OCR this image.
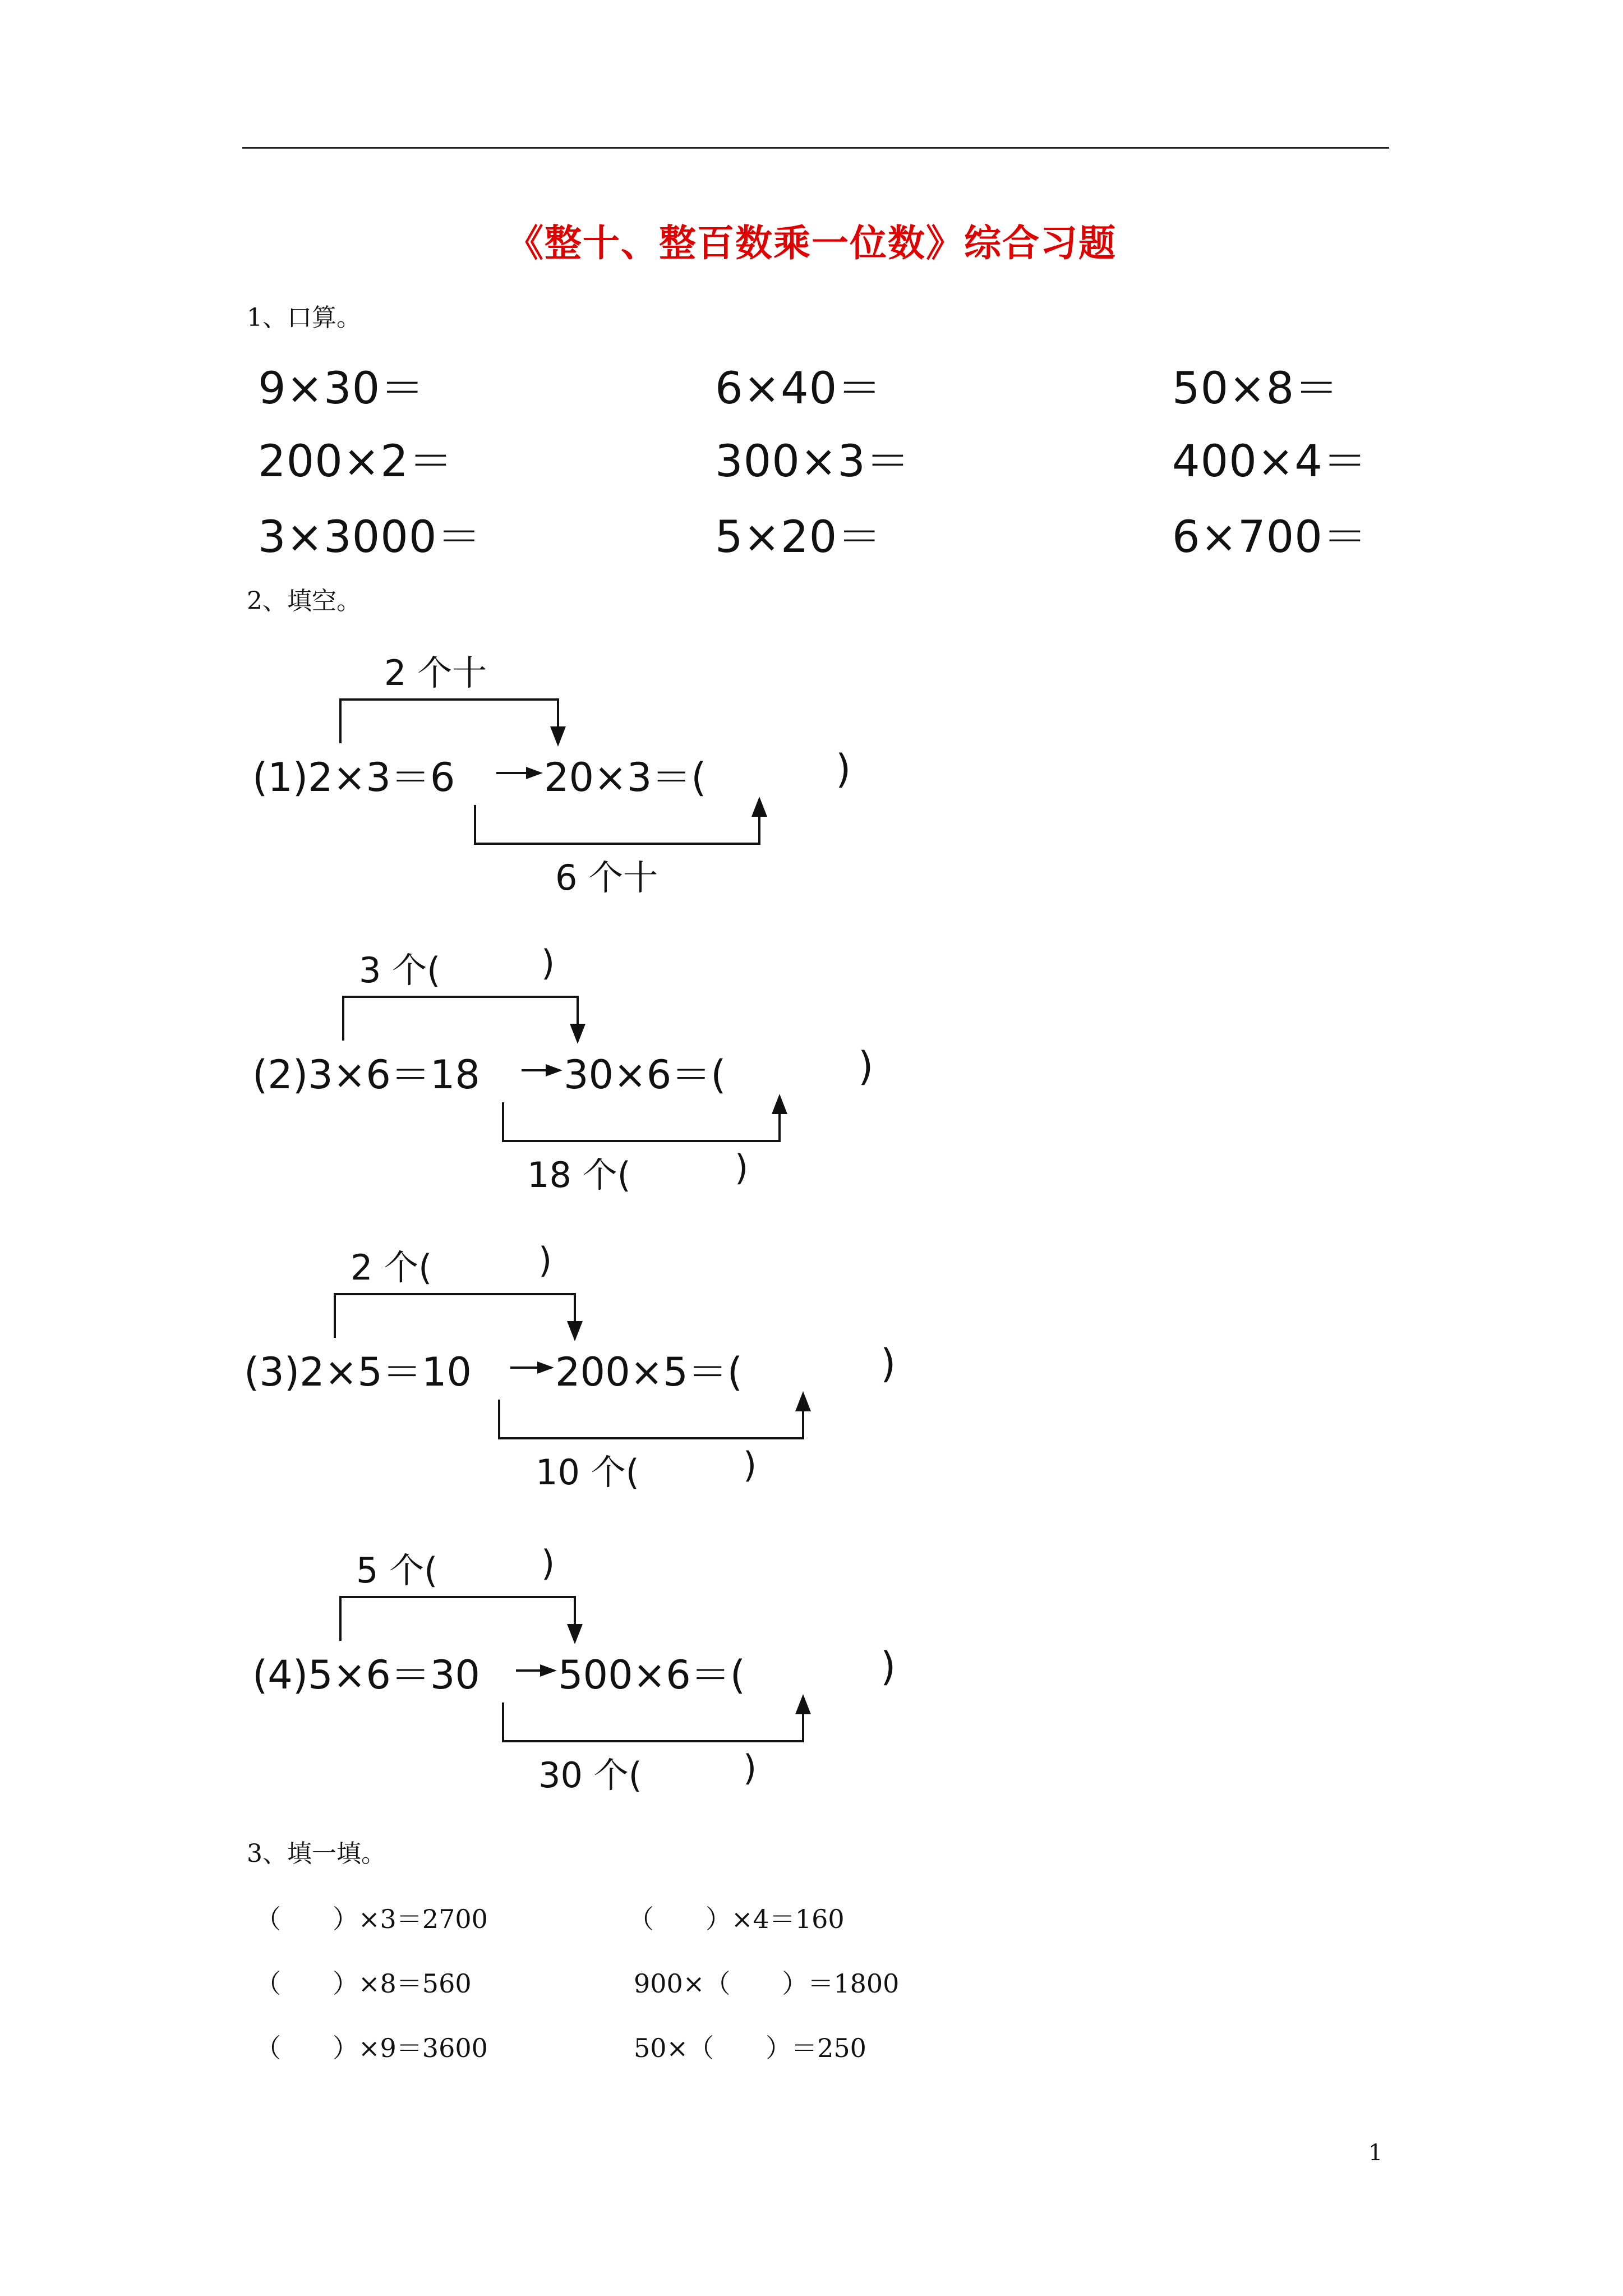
《整十、整百数乘一位数》综合习题
1、口算。
9×30＝	6×40＝	50×8＝
200×2＝	300×3＝	400×4＝
3×3000＝	5×20＝	6×700＝
2、填空。
2 个十
(1)2×3＝6 20×3＝(	)
6 个十
3 个(	)
(2)3×6＝18 30×6＝(	)
18 个(	)
2 个(	)
(3)2×5＝10 200×5＝(	)
10 个(	)
5 个(	)
(4)5×6＝30 500×6＝(	)
30 个(	)
3、填一填。
（　　）×3＝2700	（　　）×4＝160
（　　）×8＝560	900×（　　）＝1800
（　　）×9＝3600	50×（　　）＝250
1
